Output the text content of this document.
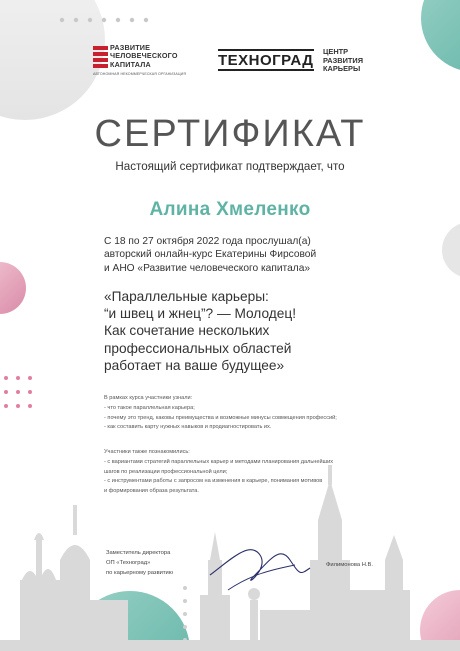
РАЗВИТИЕ
ЧЕЛОВЕЧЕСКОГО
КАПИТАЛА
АВТОНОМНАЯ НЕКОММЕРЧЕСКАЯ ОРГАНИЗАЦИЯ
ТЕХНОГРАД
ЦЕНТР
РАЗВИТИЯ
КАРЬЕРЫ
СЕРТИФИКАТ
Настоящий сертификат подтверждает, что
Алина Хмеленко
С 18 по 27 октября 2022 года прослушал(а)
авторский онлайн-курс Екатерины Фирсовой
и АНО «Развитие человеческого капитала»
«Параллельные карьеры:
“и швец и жнец”? — Молодец!
Как сочетание нескольких
профессиональных областей
работает на ваше будущее»
В рамках курса участники узнали:
- что такое параллельная карьера;
- почему это тренд, каковы преимущества и возможные минусы совмещения профессий;
- как составить карту нужных навыков и продиагностировать их.
Участники также познакомились:
- с вариантами стратегий параллельных карьер и методами планирования дальнейших
шагов по реализации профессиональной цели;
- с инструментами работы с запросом на изменения в карьере, понимания мотивов
и формирования образа результата.
Заместитель директора
ОП «Техноград»
по карьерному развитию
Филимонова Н.В.
